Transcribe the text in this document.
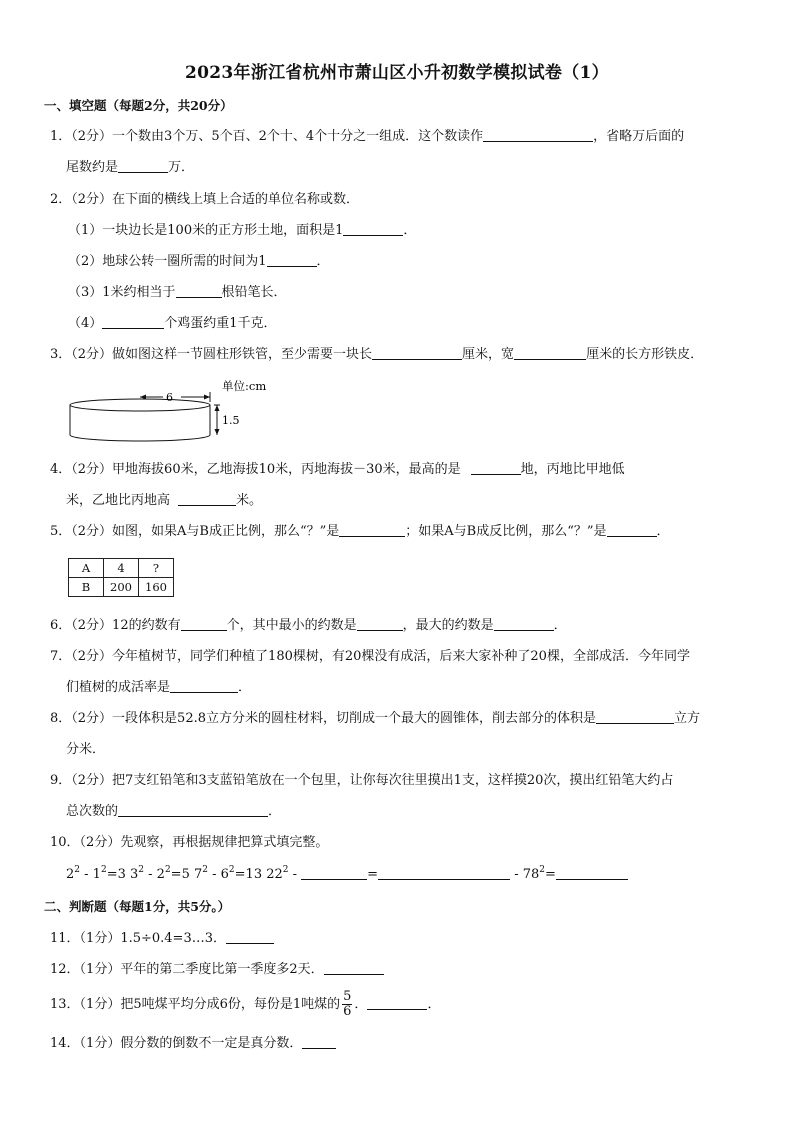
2023年浙江省杭州市萧山区小升初数学模拟试卷（1）
一、填空题（每题2分，共20分）
1．（2分）一个数由3个万、5个百、2个十、4个十分之一组成．这个数读作	，省略万后面的
尾数约是	万．
2．（2分）在下面的横线上填上合适的单位名称或数．
（1）一块边长是100米的正方形土地，面积是1	．
（2）地球公转一圈所需的时间为1	．
（3）1米约相当于	根铅笔长．
（4）	个鸡蛋约重1千克．
3．（2分）做如图这样一节圆柱形铁管，至少需要一块长	厘米，宽	厘米的长方形铁皮．
6
1.5
单位:cm
4．（2分）甲地海拔60米，乙地海拔10米，丙地海拔－30米，最高的是	地，丙地比甲地低
米，乙地比丙地高	米。
5．（2分）如图，如果A与B成正比例，那么“？”是	；如果A与B成反比例，那么“？”是	．
A	4	?
B	200	160
6．（2分）12的约数有	个，其中最小的约数是	，最大的约数是	．
7．（2分）今年植树节，同学们种植了180棵树，有20棵没有成活，后来大家补种了20棵，全部成活．今年同学
们植树的成活率是	．
8．（2分）一段体积是52.8立方分米的圆柱材料，切削成一个最大的圆锥体，削去部分的体积是	立方
分米．
9．（2分）把7支红铅笔和3支蓝铅笔放在一个包里，让你每次往里摸出1支，这样摸20次，摸出红铅笔大约占
总次数的	．
10．（2分）先观察，再根据规律把算式填完整。
$2^2 - 1^2=3$ $3^2 - 2^2=5$ $7^2 - 6^2=13$ $22^2$ -	=	- $78^2=$
二、判断题（每题1分，共5分。）
11．（1分）1.5÷0.4=3…3．
12．（1分）平年的第二季度比第一季度多2天．
13．（1分）把5吨煤平均分成6份，每份是1吨煤的 $\frac{5}{6}$ ．	．
14．（1分）假分数的倒数不一定是真分数．
